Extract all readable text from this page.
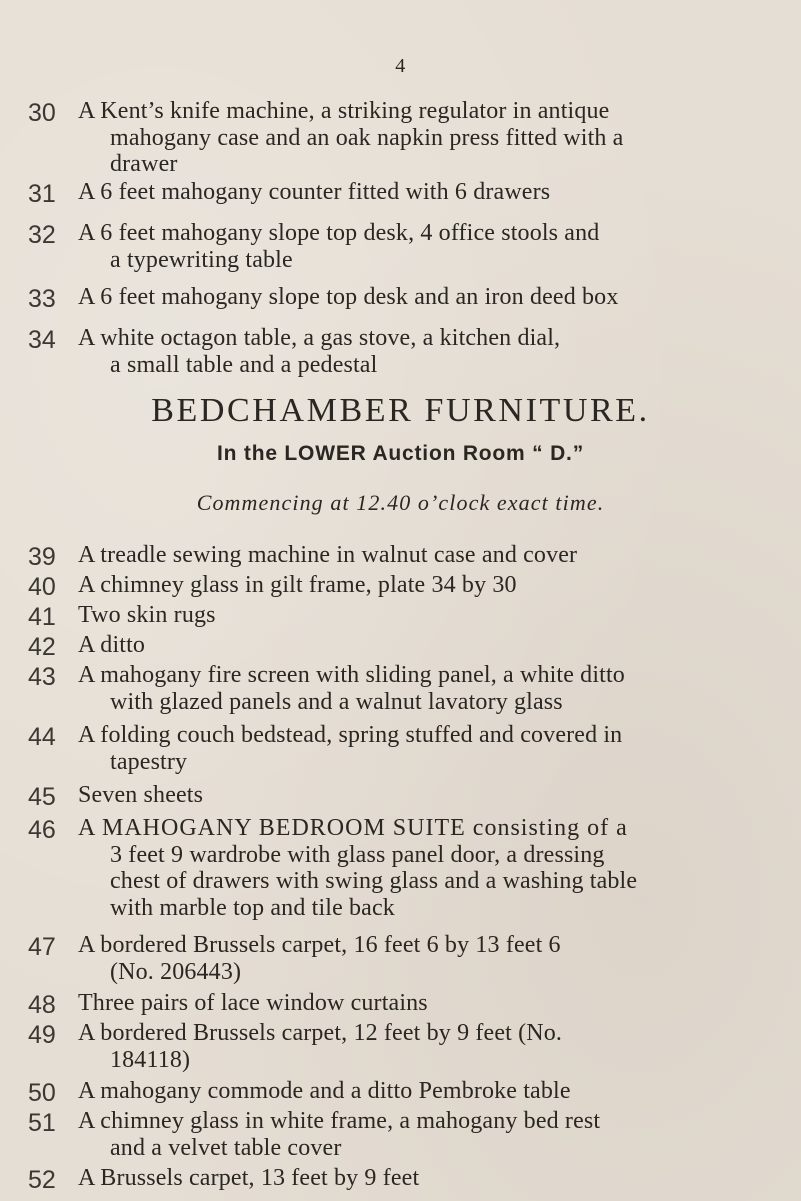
4
30 A Kent’s knife machine, a striking regulator in antique
mahogany case and an oak napkin press fitted with a
drawer
31 A 6 feet mahogany counter fitted with 6 drawers
32 A 6 feet mahogany slope top desk, 4 office stools and
a typewriting table
33 A 6 feet mahogany slope top desk and an iron deed box
34 A white octagon table, a gas stove, a kitchen dial,
a small table and a pedestal
BEDCHAMBER FURNITURE.
In the LOWER Auction Room “ D.”
Commencing at 12.40 o’clock exact time.
39 A treadle sewing machine in walnut case and cover
40 A chimney glass in gilt frame, plate 34 by 30
41 Two skin rugs
42 A ditto
43 A mahogany fire screen with sliding panel, a white ditto
with glazed panels and a walnut lavatory glass
44 A folding couch bedstead, spring stuffed and covered in
tapestry
45 Seven sheets
46 A MAHOGANY BEDROOM SUITE consisting of a
3 feet 9 wardrobe with glass panel door, a dressing
chest of drawers with swing glass and a washing table
with marble top and tile back
47 A bordered Brussels carpet, 16 feet 6 by 13 feet 6
(No. 206443)
48 Three pairs of lace window curtains
49 A bordered Brussels carpet, 12 feet by 9 feet (No.
184118)
50 A mahogany commode and a ditto Pembroke table
51 A chimney glass in white frame, a mahogany bed rest
and a velvet table cover
52 A Brussels carpet, 13 feet by 9 feet
